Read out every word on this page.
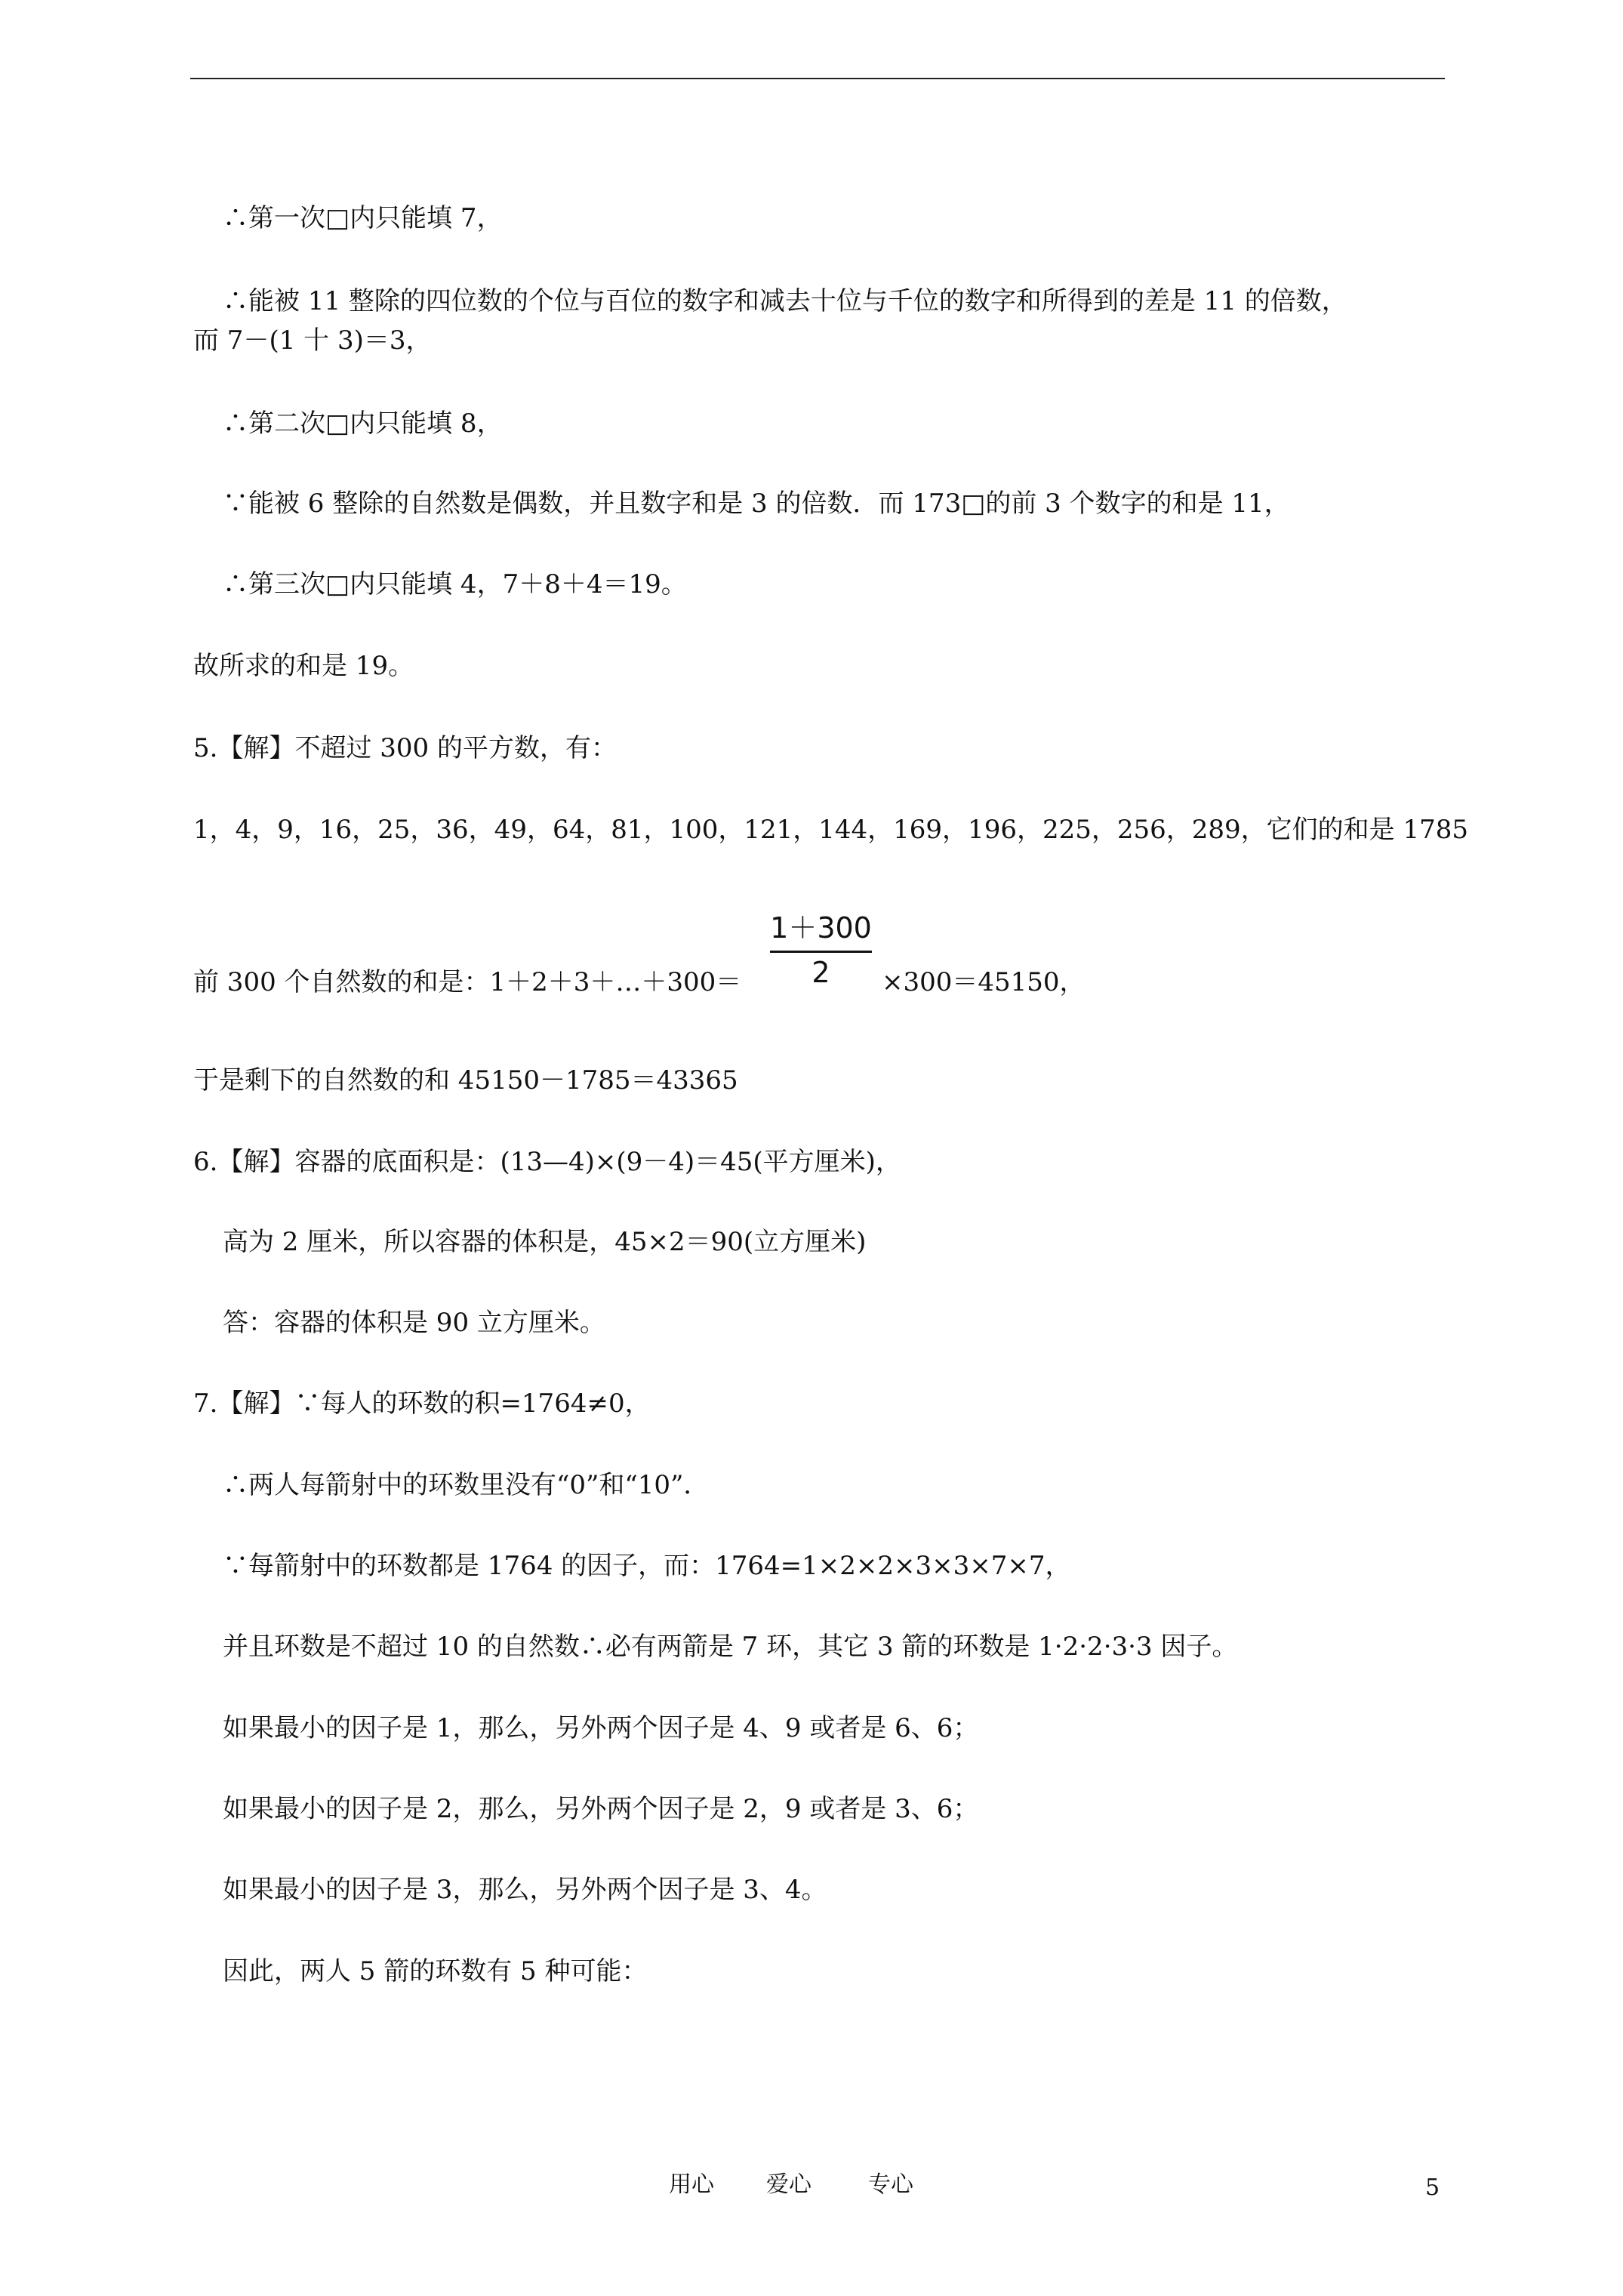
∴第一次□内只能填 7，
∴能被 11 整除的四位数的个位与百位的数字和减去十位与千位的数字和所得到的差是 11 的倍数，
而 7－(1 十 3)＝3，
∴第二次□内只能填 8，
∵能被 6 整除的自然数是偶数，并且数字和是 3 的倍数．而 173□的前 3 个数字的和是 11，
∴第三次□内只能填 4，7＋8＋4＝19。
故所求的和是 19。
5.【解】不超过 300 的平方数，有：
1，4，9，16，25，36，49，64，81，100，121，144，169，196，225，256，289，它们的和是 1785
前 300 个自然数的和是：1＋2＋3＋…＋300＝
1＋300
2	×300＝45150，
于是剩下的自然数的和 45150－1785＝43365
6.【解】容器的底面积是：(13—4)×(9－4)＝45(平方厘米)，
高为 2 厘米，所以容器的体积是，45×2＝90(立方厘米)
答：容器的体积是 90 立方厘米。
7.【解】∵每人的环数的积=1764≠0，
∴两人每箭射中的环数里没有“0”和“10”．
∵每箭射中的环数都是 1764 的因子，而：1764=1×2×2×3×3×7×7，
并且环数是不超过 10 的自然数∴必有两箭是 7 环，其它 3 箭的环数是 1·2·2·3·3 因子。
如果最小的因子是 1，那么，另外两个因子是 4、9 或者是 6、6；
如果最小的因子是 2，那么，另外两个因子是 2，9 或者是 3、6；
如果最小的因子是 3，那么，另外两个因子是 3、4。
因此，两人 5 箭的环数有 5 种可能：
用心 爱心	专心	5
